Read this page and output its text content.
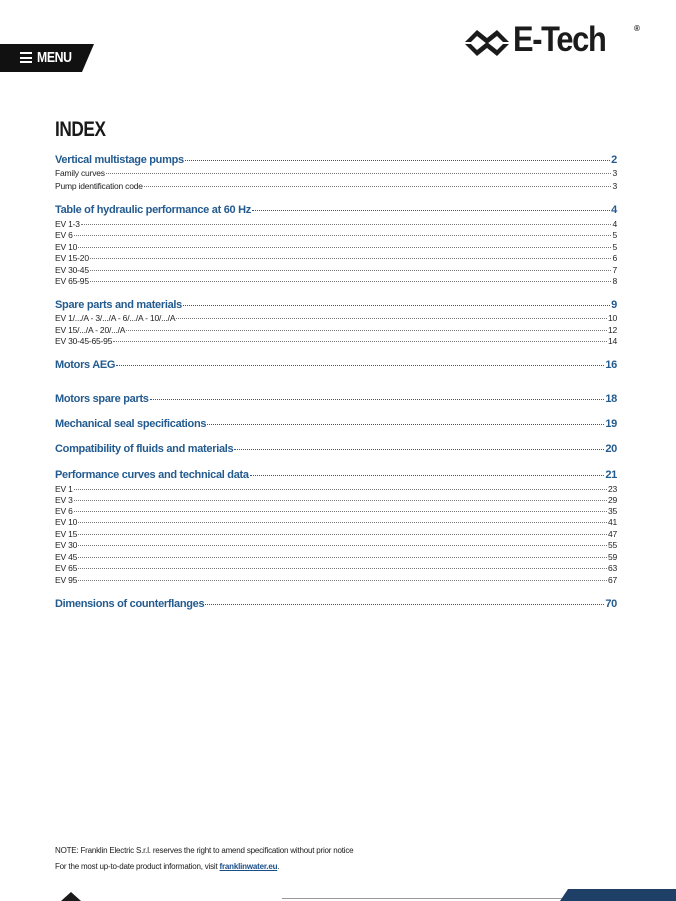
MENU	E-Tech	®
INDEX
Vertical multistage pumps	2
Family curves	3
Pump identification code	3
Table of hydraulic performance at 60 Hz	4
EV 1-3	4
EV 6	5
EV 10	5
EV 15-20	6
EV 30-45	7
EV 65-95	8
Spare parts and materials	9
EV 1/.../A - 3/.../A - 6/.../A - 10/.../A	10
EV 15/.../A - 20/.../A	12
EV 30-45-65-95	14
Motors AEG	16
Motors spare parts	18
Mechanical seal specifications	19
Compatibility of fluids and materials	20
Performance curves and technical data	21
EV 1	23
EV 3	29
EV 6	35
EV 10	41
EV 15	47
EV 30	55
EV 45	59
EV 65	63
EV 95	67
Dimensions of counterflanges	70
NOTE: Franklin Electric S.r.l. reserves the right to amend specification without prior notice
For the most up-to-date product information, visit franklinwater.eu.
